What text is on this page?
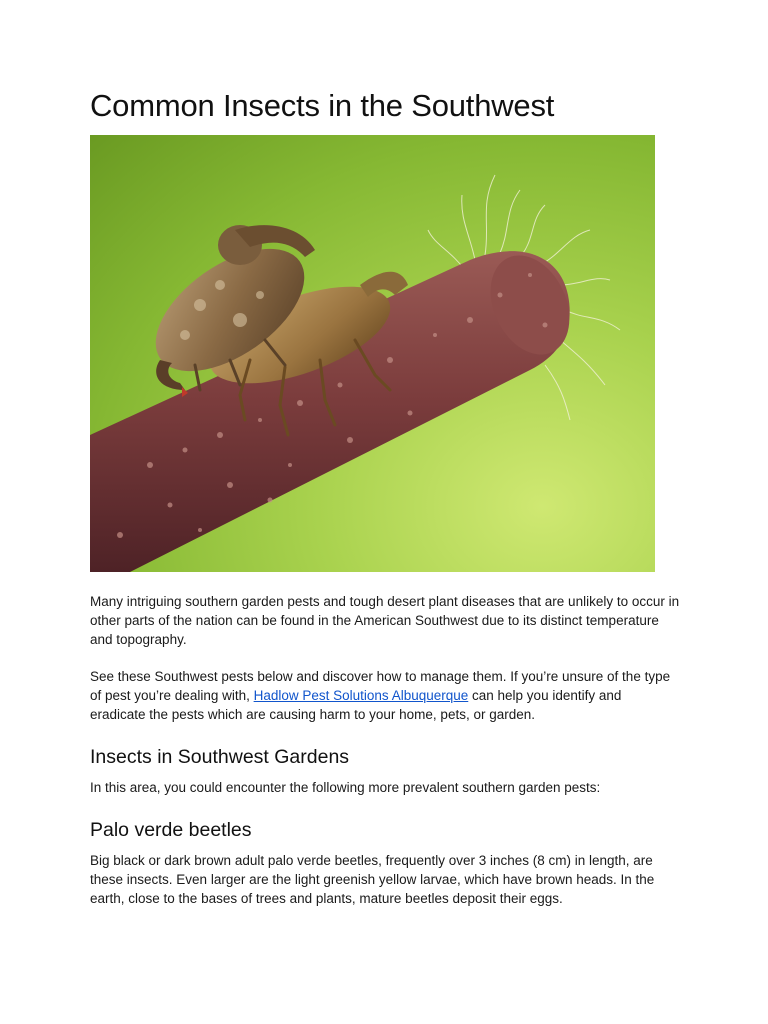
Common Insects in the Southwest

Many intriguing southern garden pests and tough desert plant diseases that are unlikely to occur in other parts of the nation can be found in the American Southwest due to its distinct temperature and topography.

See these Southwest pests below and discover how to manage them. If you’re unsure of the type of pest you’re dealing with, Hadlow Pest Solutions Albuquerque can help you identify and eradicate the pests which are causing harm to your home, pets, or garden.

Insects in Southwest Gardens

In this area, you could encounter the following more prevalent southern garden pests:

Palo verde beetles

Big black or dark brown adult palo verde beetles, frequently over 3 inches (8 cm) in length, are these insects. Even larger are the light greenish yellow larvae, which have brown heads. In the earth, close to the bases of trees and plants, mature beetles deposit their eggs.
